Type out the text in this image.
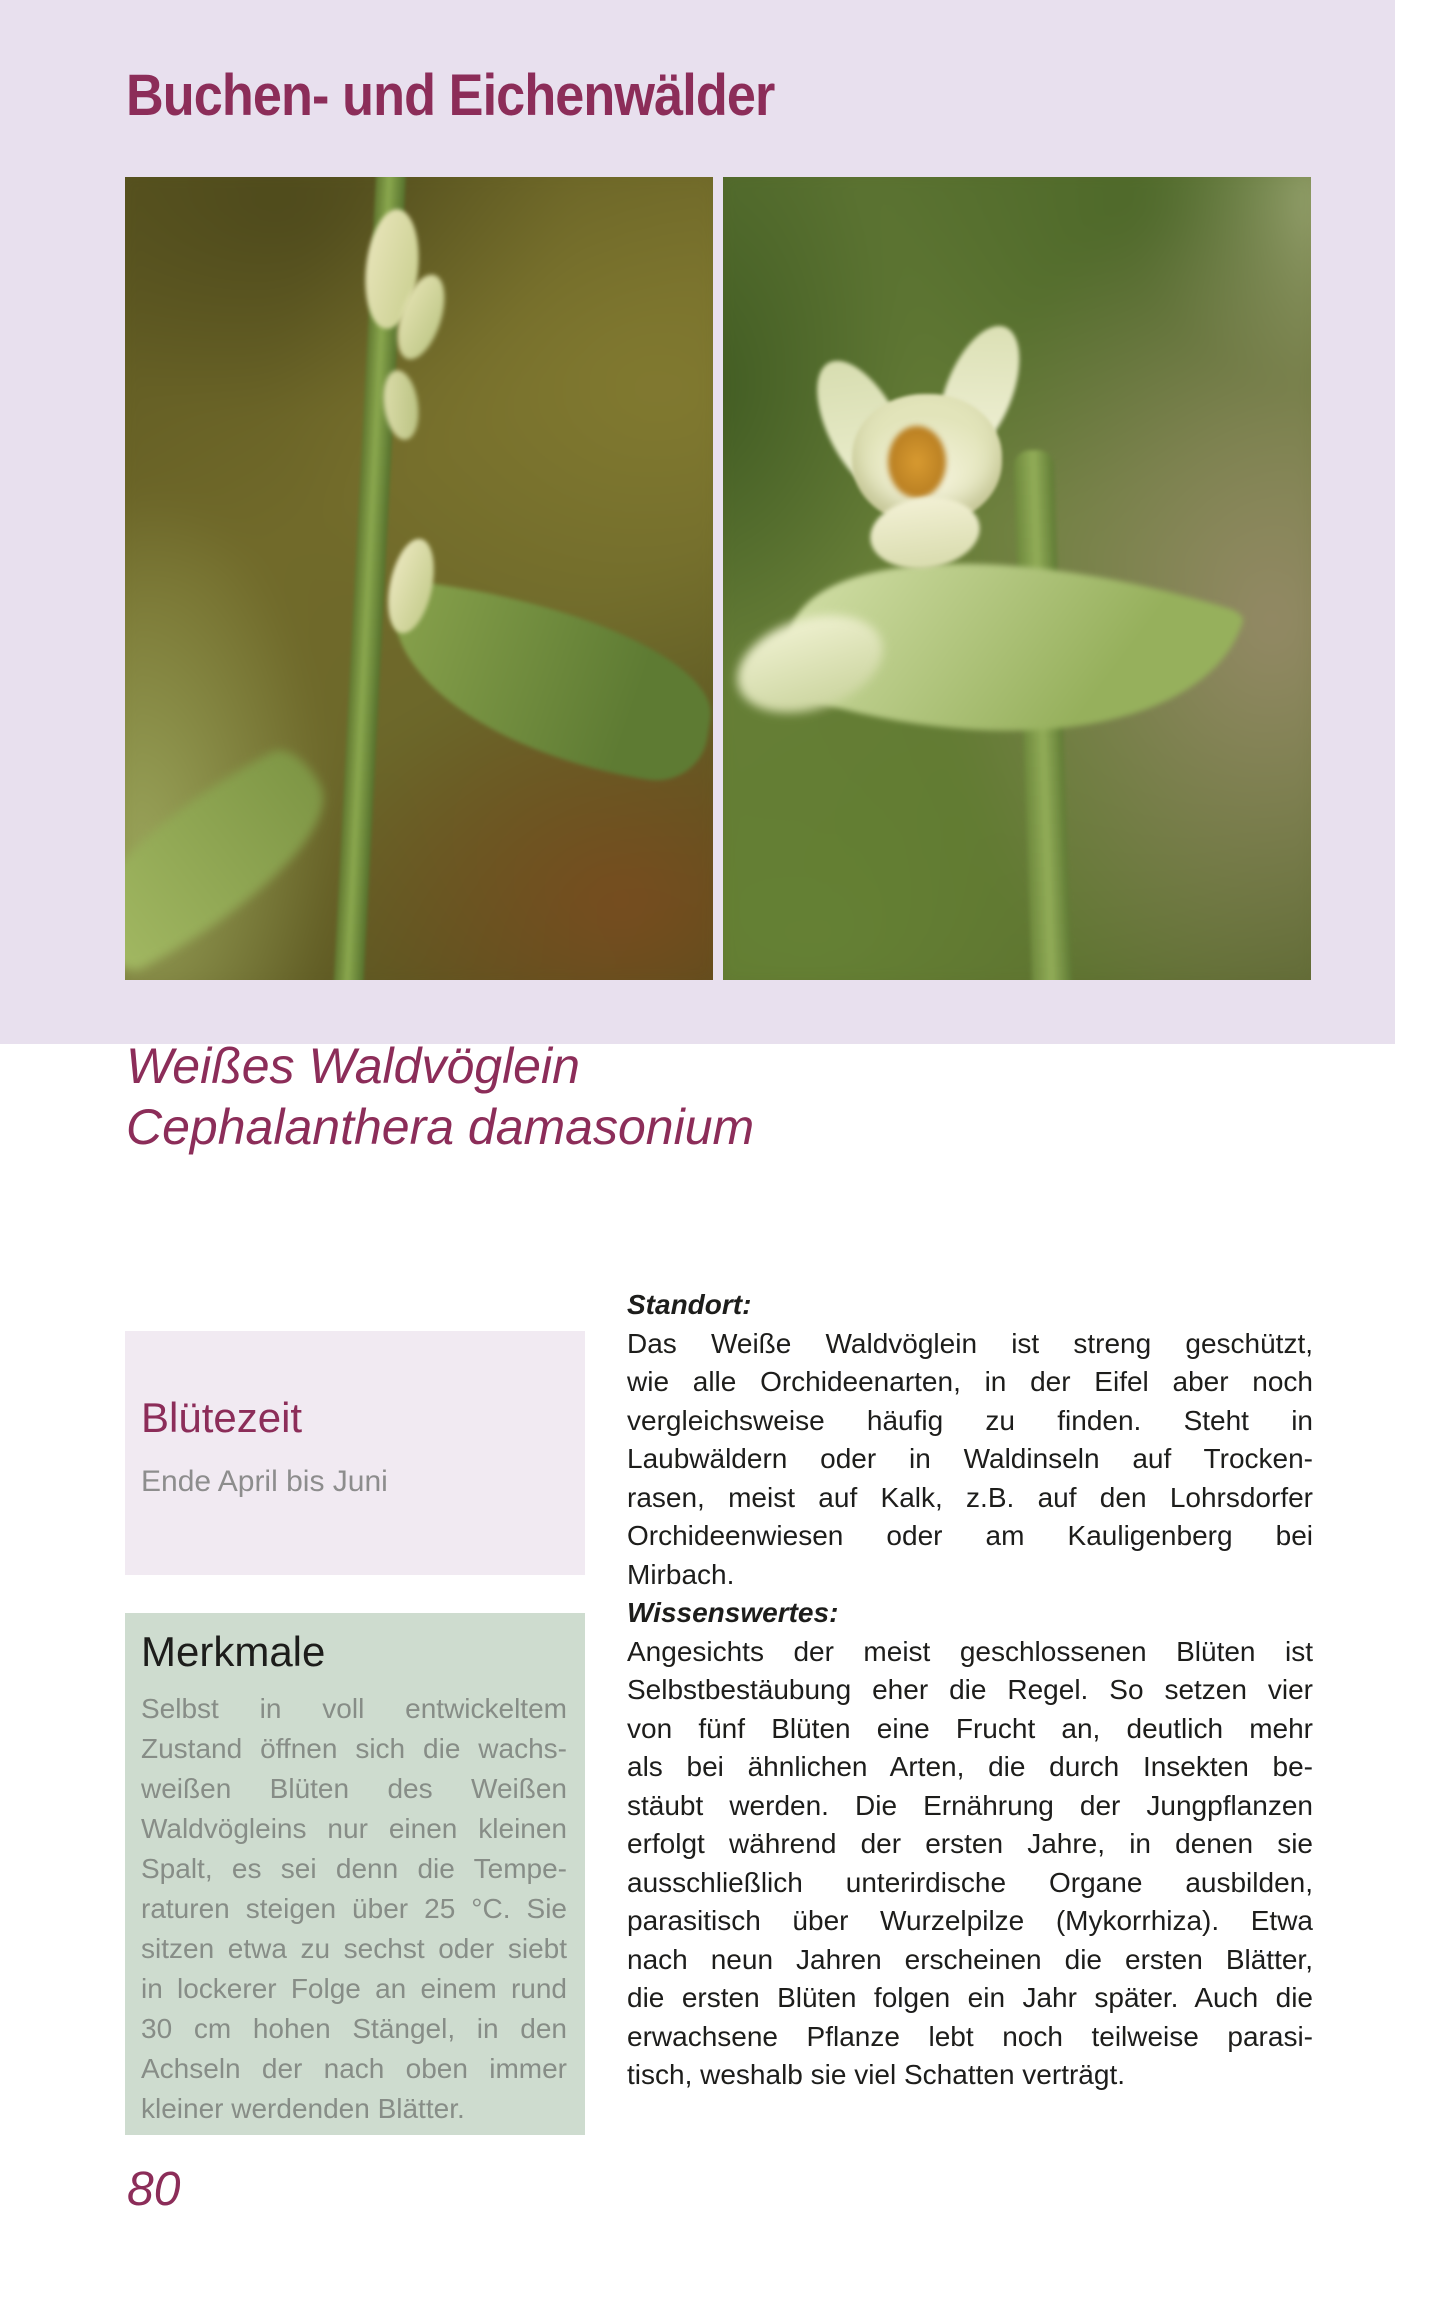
Buchen- und Eichenwälder
Weißes Waldvöglein
Cephalanthera damasonium
Blütezeit
Ende April bis Juni
Merkmale
Selbst in voll entwickeltem
Zustand öffnen sich die wachs-
weißen Blüten des Weißen
Waldvögleins nur einen kleinen
Spalt, es sei denn die Tempe-
raturen steigen über 25 °C. Sie
sitzen etwa zu sechst oder siebt
in lockerer Folge an einem rund
30 cm hohen Stängel, in den
Achseln der nach oben immer
kleiner werdenden Blätter.
Standort:
Das Weiße Waldvöglein ist streng geschützt,
wie alle Orchideenarten, in der Eifel aber noch
vergleichsweise häufig zu finden. Steht in
Laubwäldern oder in Waldinseln auf Trocken-
rasen, meist auf Kalk, z.B. auf den Lohrsdorfer
Orchideenwiesen oder am Kauligenberg bei
Mirbach.
Wissenswertes:
Angesichts der meist geschlossenen Blüten ist
Selbstbestäubung eher die Regel. So setzen vier
von fünf Blüten eine Frucht an, deutlich mehr
als bei ähnlichen Arten, die durch Insekten be-
stäubt werden. Die Ernährung der Jungpflanzen
erfolgt während der ersten Jahre, in denen sie
ausschließlich unterirdische Organe ausbilden,
parasitisch über Wurzelpilze (Mykorrhiza). Etwa
nach neun Jahren erscheinen die ersten Blätter,
die ersten Blüten folgen ein Jahr später. Auch die
erwachsene Pflanze lebt noch teilweise parasi-
tisch, weshalb sie viel Schatten verträgt.
80
